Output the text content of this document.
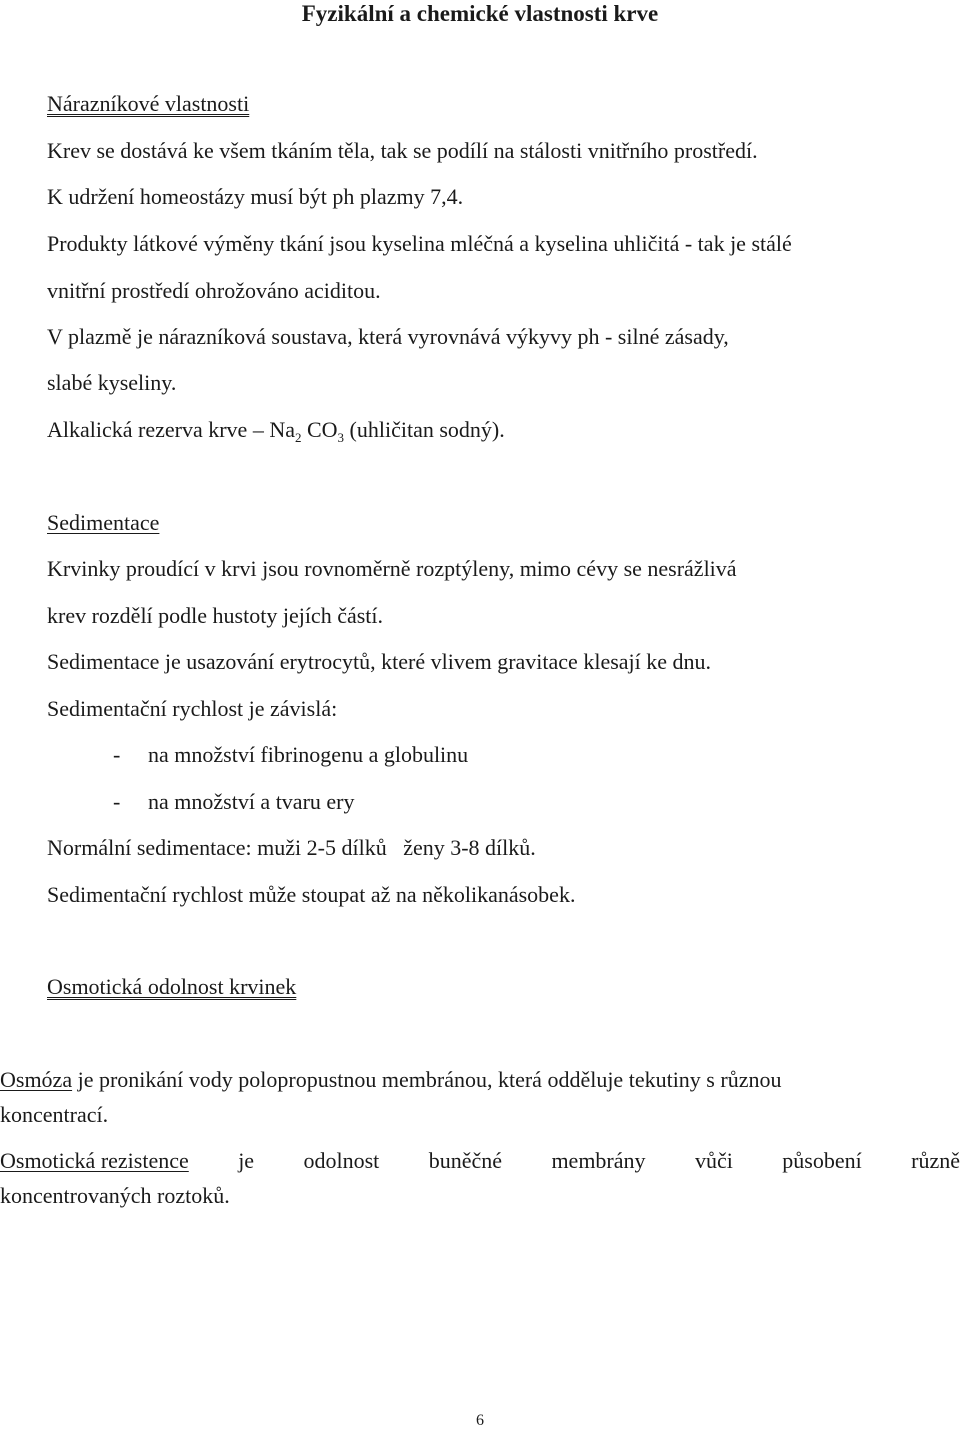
Fyzikální a chemické vlastnosti krve
Nárazníkové vlastnosti
Krev se dostává ke všem tkáním těla, tak se podílí na stálosti vnitřního prostředí.
K udržení homeostázy musí být ph plazmy 7,4.
Produkty látkové výměny tkání jsou kyselina mléčná a kyselina uhličitá - tak je stálé
vnitřní prostředí ohrožováno aciditou.
V plazmě je nárazníková soustava, která vyrovnává výkyvy ph - silné zásady,
slabé kyseliny.
Alkalická rezerva krve – $Na_2$ $CO_3$ (uhličitan sodný).
Sedimentace
Krvinky proudící v krvi jsou rovnoměrně rozptýleny, mimo cévy se nesrážlivá
krev rozdělí podle hustoty jejích částí.
Sedimentace je usazování erytrocytů, které vlivem gravitace klesají ke dnu.
Sedimentační rychlost je závislá:
- na množství fibrinogenu a globulinu
- na množství a tvaru ery
Normální sedimentace: muži 2-5 dílků   ženy 3-8 dílků.
Sedimentační rychlost může stoupat až na několikanásobek.
Osmotická odolnost krvinek
Osmóza je pronikání vody polopropustnou membránou, která odděluje tekutiny s různou
koncentrací.
Osmotická rezistence je odolnost buněčné membrány vůči působení různě
koncentrovaných roztoků.
6
